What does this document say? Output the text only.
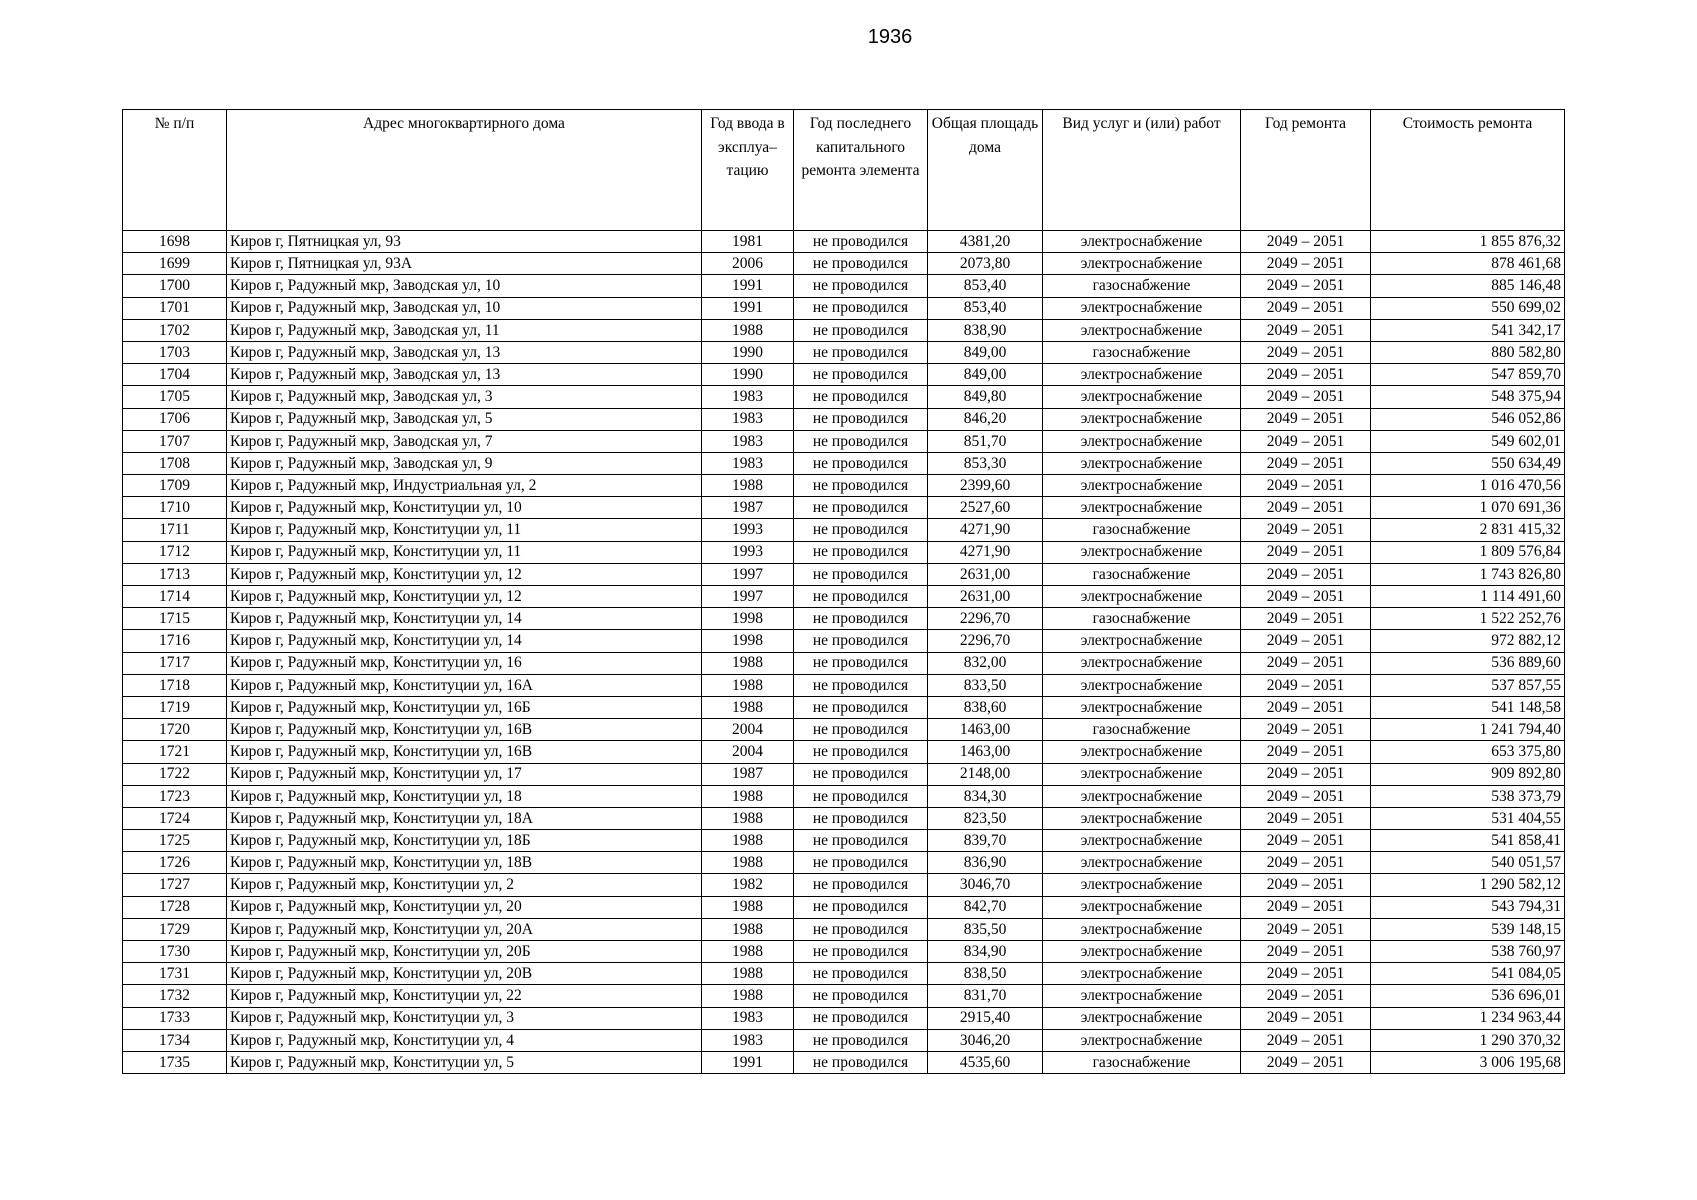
1936
№ п/п	Адрес многоквартирного дома	Год ввода в эксплуа– тацию	Год последнего капитального ремонта элемента	Общая площадь дома	Вид услуг и (или) работ	Год ремонта	Стоимость ремонта
1698	Киров г, Пятницкая ул, 93	1981	не проводился	4381,20	электроснабжение	2049 – 2051	1 855 876,32
1699	Киров г, Пятницкая ул, 93А	2006	не проводился	2073,80	электроснабжение	2049 – 2051	878 461,68
1700	Киров г, Радужный мкр, Заводская ул, 10	1991	не проводился	853,40	газоснабжение	2049 – 2051	885 146,48
1701	Киров г, Радужный мкр, Заводская ул, 10	1991	не проводился	853,40	электроснабжение	2049 – 2051	550 699,02
1702	Киров г, Радужный мкр, Заводская ул, 11	1988	не проводился	838,90	электроснабжение	2049 – 2051	541 342,17
1703	Киров г, Радужный мкр, Заводская ул, 13	1990	не проводился	849,00	газоснабжение	2049 – 2051	880 582,80
1704	Киров г, Радужный мкр, Заводская ул, 13	1990	не проводился	849,00	электроснабжение	2049 – 2051	547 859,70
1705	Киров г, Радужный мкр, Заводская ул, 3	1983	не проводился	849,80	электроснабжение	2049 – 2051	548 375,94
1706	Киров г, Радужный мкр, Заводская ул, 5	1983	не проводился	846,20	электроснабжение	2049 – 2051	546 052,86
1707	Киров г, Радужный мкр, Заводская ул, 7	1983	не проводился	851,70	электроснабжение	2049 – 2051	549 602,01
1708	Киров г, Радужный мкр, Заводская ул, 9	1983	не проводился	853,30	электроснабжение	2049 – 2051	550 634,49
1709	Киров г, Радужный мкр, Индустриальная ул, 2	1988	не проводился	2399,60	электроснабжение	2049 – 2051	1 016 470,56
1710	Киров г, Радужный мкр, Конституции ул, 10	1987	не проводился	2527,60	электроснабжение	2049 – 2051	1 070 691,36
1711	Киров г, Радужный мкр, Конституции ул, 11	1993	не проводился	4271,90	газоснабжение	2049 – 2051	2 831 415,32
1712	Киров г, Радужный мкр, Конституции ул, 11	1993	не проводился	4271,90	электроснабжение	2049 – 2051	1 809 576,84
1713	Киров г, Радужный мкр, Конституции ул, 12	1997	не проводился	2631,00	газоснабжение	2049 – 2051	1 743 826,80
1714	Киров г, Радужный мкр, Конституции ул, 12	1997	не проводился	2631,00	электроснабжение	2049 – 2051	1 114 491,60
1715	Киров г, Радужный мкр, Конституции ул, 14	1998	не проводился	2296,70	газоснабжение	2049 – 2051	1 522 252,76
1716	Киров г, Радужный мкр, Конституции ул, 14	1998	не проводился	2296,70	электроснабжение	2049 – 2051	972 882,12
1717	Киров г, Радужный мкр, Конституции ул, 16	1988	не проводился	832,00	электроснабжение	2049 – 2051	536 889,60
1718	Киров г, Радужный мкр, Конституции ул, 16А	1988	не проводился	833,50	электроснабжение	2049 – 2051	537 857,55
1719	Киров г, Радужный мкр, Конституции ул, 16Б	1988	не проводился	838,60	электроснабжение	2049 – 2051	541 148,58
1720	Киров г, Радужный мкр, Конституции ул, 16В	2004	не проводился	1463,00	газоснабжение	2049 – 2051	1 241 794,40
1721	Киров г, Радужный мкр, Конституции ул, 16В	2004	не проводился	1463,00	электроснабжение	2049 – 2051	653 375,80
1722	Киров г, Радужный мкр, Конституции ул, 17	1987	не проводился	2148,00	электроснабжение	2049 – 2051	909 892,80
1723	Киров г, Радужный мкр, Конституции ул, 18	1988	не проводился	834,30	электроснабжение	2049 – 2051	538 373,79
1724	Киров г, Радужный мкр, Конституции ул, 18А	1988	не проводился	823,50	электроснабжение	2049 – 2051	531 404,55
1725	Киров г, Радужный мкр, Конституции ул, 18Б	1988	не проводился	839,70	электроснабжение	2049 – 2051	541 858,41
1726	Киров г, Радужный мкр, Конституции ул, 18В	1988	не проводился	836,90	электроснабжение	2049 – 2051	540 051,57
1727	Киров г, Радужный мкр, Конституции ул, 2	1982	не проводился	3046,70	электроснабжение	2049 – 2051	1 290 582,12
1728	Киров г, Радужный мкр, Конституции ул, 20	1988	не проводился	842,70	электроснабжение	2049 – 2051	543 794,31
1729	Киров г, Радужный мкр, Конституции ул, 20А	1988	не проводился	835,50	электроснабжение	2049 – 2051	539 148,15
1730	Киров г, Радужный мкр, Конституции ул, 20Б	1988	не проводился	834,90	электроснабжение	2049 – 2051	538 760,97
1731	Киров г, Радужный мкр, Конституции ул, 20В	1988	не проводился	838,50	электроснабжение	2049 – 2051	541 084,05
1732	Киров г, Радужный мкр, Конституции ул, 22	1988	не проводился	831,70	электроснабжение	2049 – 2051	536 696,01
1733	Киров г, Радужный мкр, Конституции ул, 3	1983	не проводился	2915,40	электроснабжение	2049 – 2051	1 234 963,44
1734	Киров г, Радужный мкр, Конституции ул, 4	1983	не проводился	3046,20	электроснабжение	2049 – 2051	1 290 370,32
1735	Киров г, Радужный мкр, Конституции ул, 5	1991	не проводился	4535,60	газоснабжение	2049 – 2051	3 006 195,68
